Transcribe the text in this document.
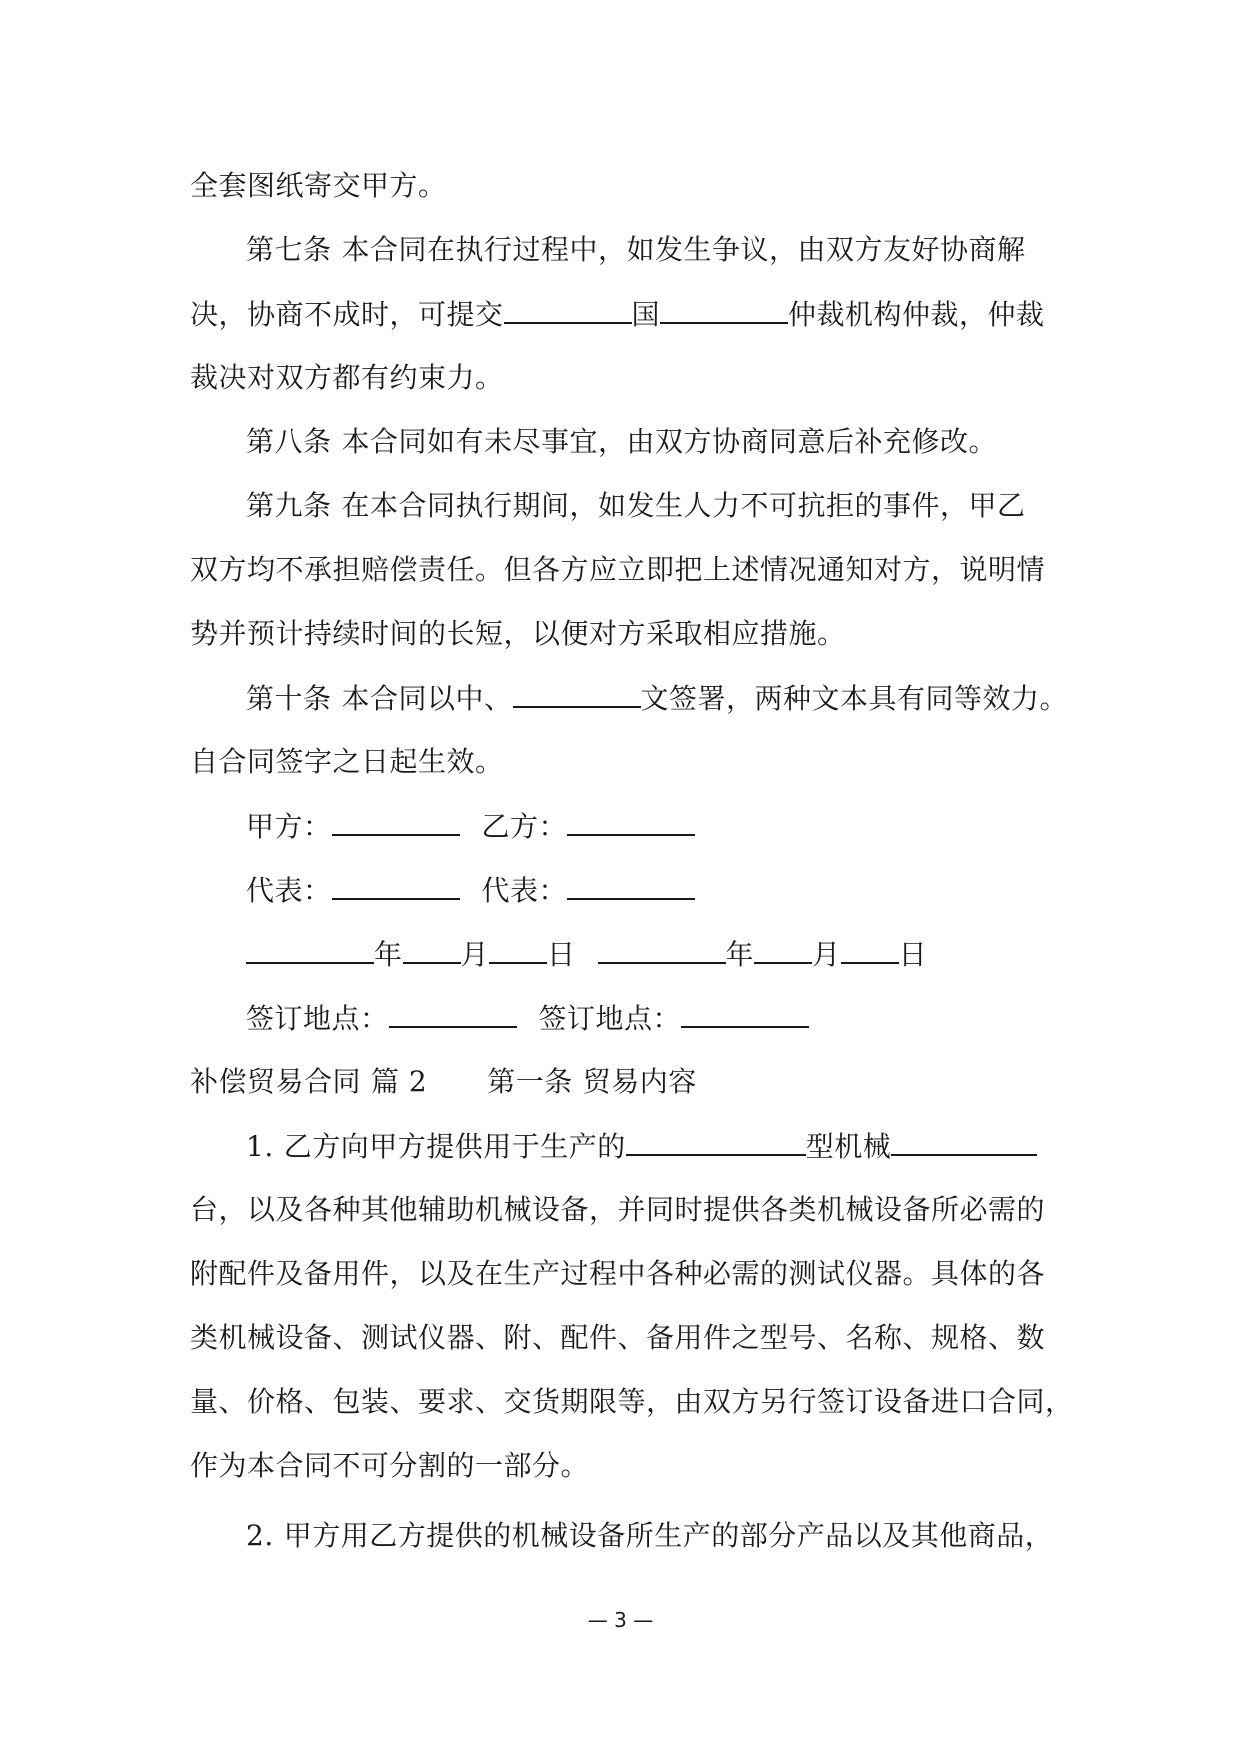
全套图纸寄交甲方。
第七条 本合同在执行过程中，如发生争议，由双方友好协商解
决，协商不成时，可提交	国	仲裁机构仲裁，仲裁
裁决对双方都有约束力。
第八条 本合同如有未尽事宜，由双方协商同意后补充修改。
第九条 在本合同执行期间，如发生人力不可抗拒的事件，甲乙
双方均不承担赔偿责任。但各方应立即把上述情况通知对方，说明情
势并预计持续时间的长短，以便对方采取相应措施。
第十条 本合同以中、	文签署，两种文本具有同等效力。
自合同签字之日起生效。
甲方：	乙方：
代表：	代表：
年 月 日	年 月 日
签订地点：	签订地点：
补偿贸易合同 篇 2 第一条 贸易内容
1. 乙方向甲方提供用于生产的	型机械
台，以及各种其他辅助机械设备，并同时提供各类机械设备所必需的
附配件及备用件，以及在生产过程中各种必需的测试仪器。具体的各
类机械设备、测试仪器、附、配件、备用件之型号、名称、规格、数
量、价格、包装、要求、交货期限等，由双方另行签订设备进口合同，
作为本合同不可分割的一部分。
2. 甲方用乙方提供的机械设备所生产的部分产品以及其他商品，
— 3 —
